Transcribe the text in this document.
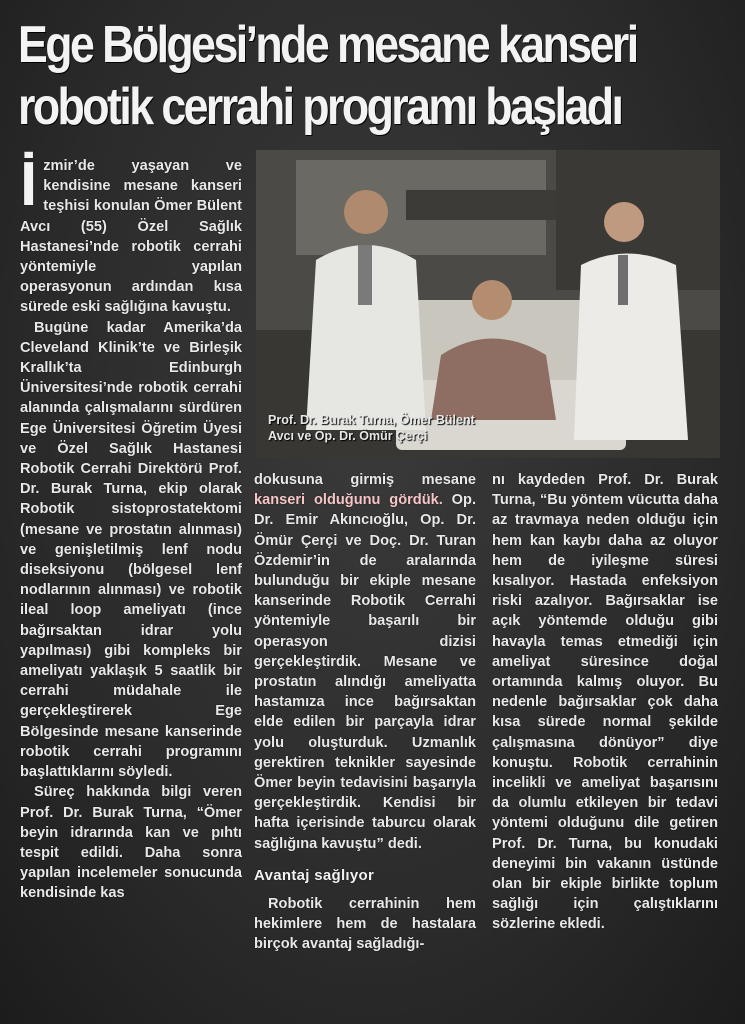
Ege Bölgesi’nde mesane kanseri
robotik cerrahi programı başladı

İzmir’de yaşayan ve kendisine mesane kanseri teşhisi konulan Ömer Bülent Avcı (55) Özel Sağlık Hastanesi’nde robotik cerrahi yöntemiyle yapılan operasyonun ardından kısa sürede eski sağlığına kavuştu.

Bugüne kadar Amerika’da Cleveland Klinik’te ve Birleşik Krallık’ta Edinburgh Üniversitesi’nde robotik cerrahi alanında çalışmalarını sürdüren Ege Üniversitesi Öğretim Üyesi ve Özel Sağlık Hastanesi Robotik Cerrahi Direktörü Prof. Dr. Burak Turna, ekip olarak Robotik sistoprostatektomi (mesane ve prostatın alınması) ve genişletilmiş lenf nodu diseksiyonu (bölgesel lenf nodlarının alınması) ve robotik ileal loop ameliyatı (ince bağırsaktan idrar yolu yapılması) gibi kompleks bir ameliyatı yaklaşık 5 saatlik bir cerrahi müdahale ile gerçekleştirerek Ege Bölgesinde mesane kanserinde robotik cerrahi programını başlattıklarını söyledi.

Süreç hakkında bilgi veren Prof. Dr. Burak Turna, “Ömer beyin idrarında kan ve pıhtı tespit edildi. Daha sonra yapılan incelemeler sonucunda kendisinde kas

Prof. Dr. Burak Turna, Ömer Bülent
Avcı ve Op. Dr. Ömür Çerçi

dokusuna girmiş mesane kanseri olduğunu gördük. Op. Dr. Emir Akıncıoğlu, Op. Dr. Ömür Çerçi ve Doç. Dr. Turan Özdemir’in de aralarında bulunduğu bir ekiple mesane kanserinde Robotik Cerrahi yöntemiyle başarılı bir operasyon dizisi gerçekleştirdik. Mesane ve prostatın alındığı ameliyatta hastamıza ince bağırsaktan elde edilen bir parçayla idrar yolu oluşturduk. Uzmanlık gerektiren teknikler sayesinde Ömer beyin tedavisini başarıyla gerçekleştirdik. Kendisi bir hafta içerisinde taburcu olarak sağlığına kavuştu” dedi.

Avantaj sağlıyor

Robotik cerrahinin hem hekimlere hem de hastalara birçok avantaj sağladığı-

nı kaydeden Prof. Dr. Burak Turna, “Bu yöntem vücutta daha az travmaya neden olduğu için hem kan kaybı daha az oluyor hem de iyileşme süresi kısalıyor. Hastada enfeksiyon riski azalıyor. Bağırsaklar ise açık yöntemde olduğu gibi havayla temas etmediği için ameliyat süresince doğal ortamında kalmış oluyor. Bu nedenle bağırsaklar çok daha kısa sürede normal şekilde çalışmasına dönüyor” diye konuştu. Robotik cerrahinin incelikli ve ameliyat başarısını da olumlu etkileyen bir tedavi yöntemi olduğunu dile getiren Prof. Dr. Turna, bu konudaki deneyimi bin vakanın üstünde olan bir ekiple birlikte toplum sağlığı için çalıştıklarını sözlerine ekledi.
